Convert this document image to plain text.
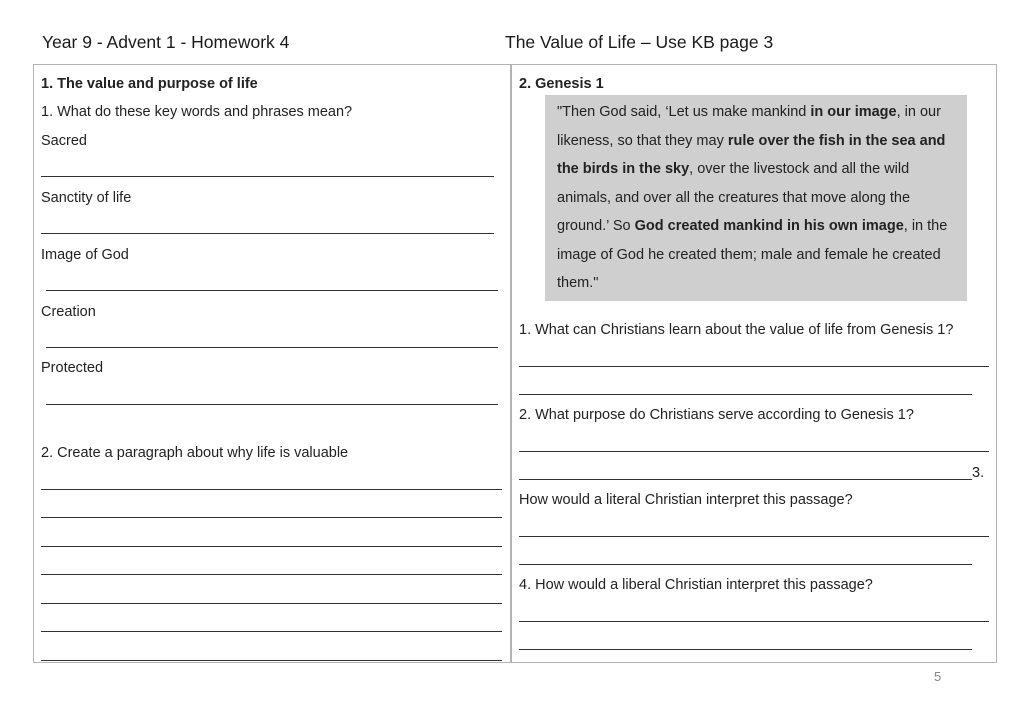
Year 9 - Advent 1 - Homework 4	The Value of Life – Use KB page 3
1. The value and purpose of life
1. What do these key words and phrases mean?
Sacred
Sanctity of life
Image of God
Creation
Protected
2. Create a paragraph about why life is valuable
2. Genesis 1
"Then God said, ‘Let us make mankind in our image, in our likeness, so that they may rule over the fish in the sea and the birds in the sky, over the livestock and all the wild animals, and over all the creatures that move along the ground.’ So God created mankind in his own image, in the image of God he created them; male and female he created them."
1. What can Christians learn about the value of life from Genesis 1?
2. What purpose do Christians serve according to Genesis 1?
3.
How would a literal Christian interpret this passage?
4. How would a liberal Christian interpret this passage?
5
